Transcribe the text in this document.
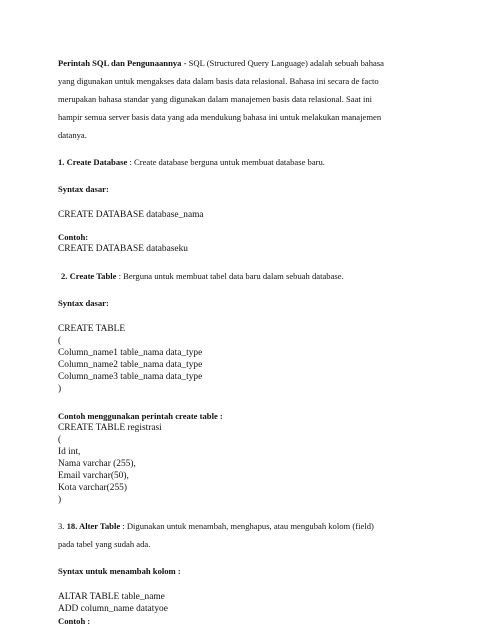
Perintah SQL dan Pengunaannya - SQL (Structured Query Language) adalah sebuah bahasa
yang digunakan untuk mengakses data dalam basis data relasional. Bahasa ini secara de facto
merupakan bahasa standar yang digunakan dalam manajemen basis data relasional. Saat ini
hampir semua server basis data yang ada mendukung bahasa ini untuk melakukan manajemen
datanya.
1. Create Database : Create database berguna untuk membuat database baru.
Syntax dasar:
CREATE DATABASE database_nama
Contoh:
CREATE DATABASE databaseku
2. Create Table : Berguna untuk membuat tabel data baru dalam sebuah database.
Syntax dasar:
CREATE TABLE
(
Column_name1 table_nama data_type
Column_name2 table_nama data_type
Column_name3 table_nama data_type
)
Contoh menggunakan perintah create table :
CREATE TABLE registrasi
(
Id int,
Nama varchar (255),
Email varchar(50),
Kota varchar(255)
)
3. 18. Alter Table : Digunakan untuk menambah, menghapus, atau mengubah kolom (field)
pada tabel yang sudah ada.
Syntax untuk menambah kolom :
ALTAR TABLE table_name
ADD column_name datatyoe
Contoh :
